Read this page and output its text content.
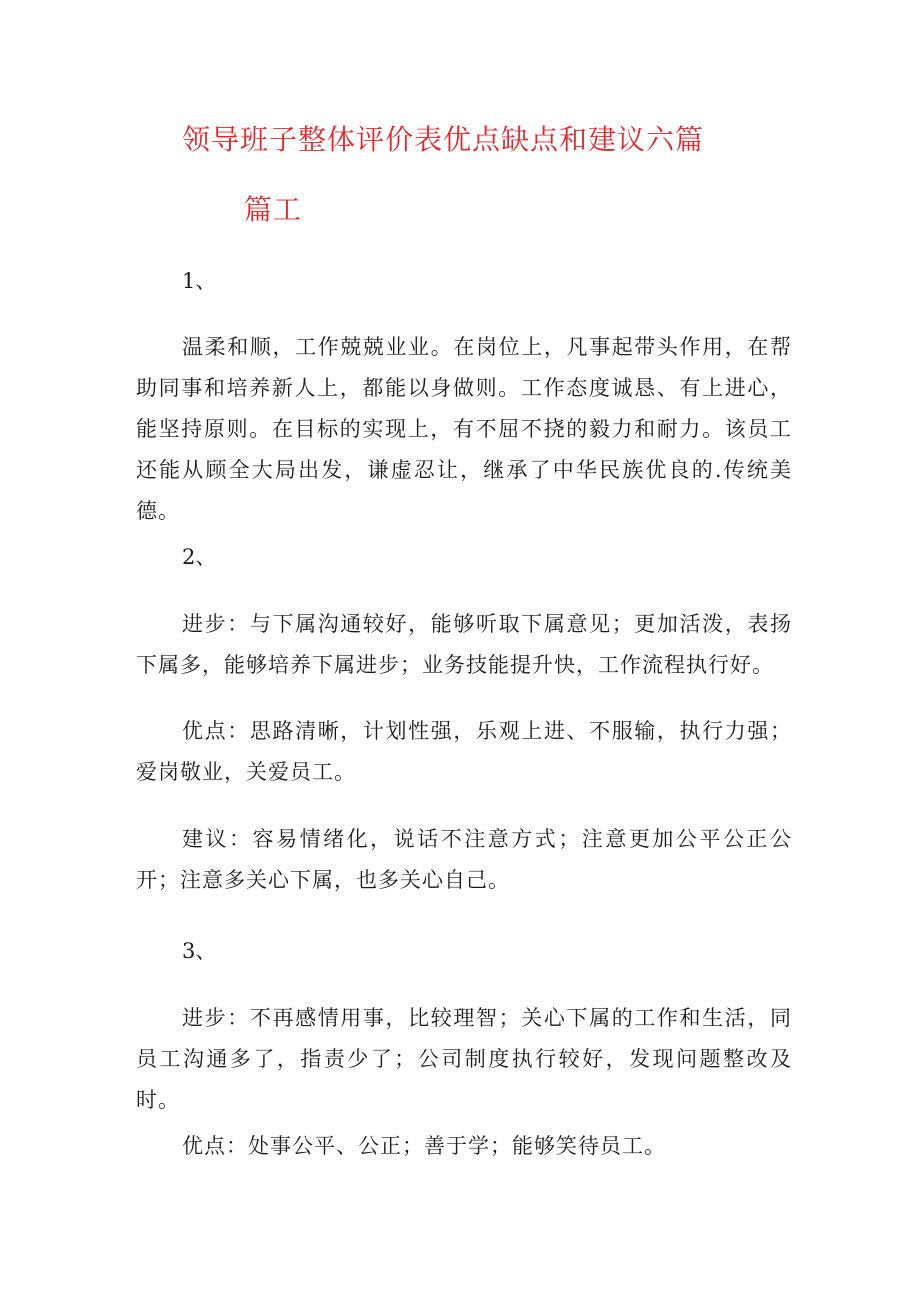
领导班子整体评价表优点缺点和建议六篇
篇工
1、

温柔和顺，工作兢兢业业。在岗位上，凡事起带头作用，在帮助同事和培养新人上，都能以身做则。工作态度诚恳、有上进心，能坚持原则。在目标的实现上，有不屈不挠的毅力和耐力。该员工还能从顾全大局出发，谦虚忍让，继承了中华民族优良的.传统美德。

2、

进步：与下属沟通较好，能够听取下属意见；更加活泼，表扬下属多，能够培养下属进步；业务技能提升快，工作流程执行好。

优点：思路清晰，计划性强，乐观上进、不服输，执行力强；爱岗敬业，关爱员工。

建议：容易情绪化，说话不注意方式；注意更加公平公正公开；注意多关心下属，也多关心自己。

3、

进步：不再感情用事，比较理智；关心下属的工作和生活，同员工沟通多了，指责少了；公司制度执行较好，发现问题整改及时。

优点：处事公平、公正；善于学；能够笑待员工。
